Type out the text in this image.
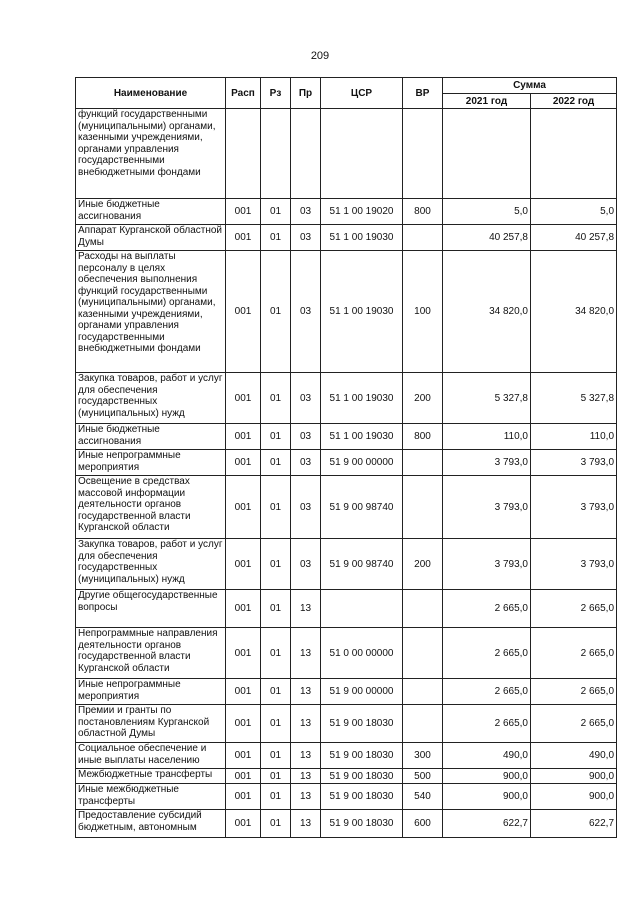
209
Наименование	Расп	Рз	Пр	ЦСР	ВР	Сумма	
						2021 год	2022 год
функций государственными (муниципальными) органами, казенными учреждениями, органами управления государственными внебюджетными фондами							
Иные бюджетные ассигнования	001	01	03	51 1 00 19020	800	5,0	5,0
Аппарат Курганской областной Думы	001	01	03	51 1 00 19030		40 257,8	40 257,8
Расходы на выплаты персоналу в целях обеспечения выполнения функций государственными (муниципальными) органами, казенными учреждениями, органами управления государственными внебюджетными фондами	001	01	03	51 1 00 19030	100	34 820,0	34 820,0
Закупка товаров, работ и услуг для обеспечения государственных (муниципальных) нужд	001	01	03	51 1 00 19030	200	5 327,8	5 327,8
Иные бюджетные ассигнования	001	01	03	51 1 00 19030	800	110,0	110,0
Иные непрограммные мероприятия	001	01	03	51 9 00 00000		3 793,0	3 793,0
Освещение в средствах массовой информации деятельности органов государственной власти Курганской области	001	01	03	51 9 00 98740		3 793,0	3 793,0
Закупка товаров, работ и услуг для обеспечения государственных (муниципальных) нужд	001	01	03	51 9 00 98740	200	3 793,0	3 793,0
Другие общегосударственные вопросы	001	01	13			2 665,0	2 665,0
Непрограммные направления деятельности органов государственной власти Курганской области	001	01	13	51 0 00 00000		2 665,0	2 665,0
Иные непрограммные мероприятия	001	01	13	51 9 00 00000		2 665,0	2 665,0
Премии и гранты по постановлениям Курганской областной Думы	001	01	13	51 9 00 18030		2 665,0	2 665,0
Социальное обеспечение и иные выплаты населению	001	01	13	51 9 00 18030	300	490,0	490,0
Межбюджетные трансферты	001	01	13	51 9 00 18030	500	900,0	900,0
Иные межбюджетные трансферты	001	01	13	51 9 00 18030	540	900,0	900,0
Предоставление субсидий бюджетным, автономным	001	01	13	51 9 00 18030	600	622,7	622,7
